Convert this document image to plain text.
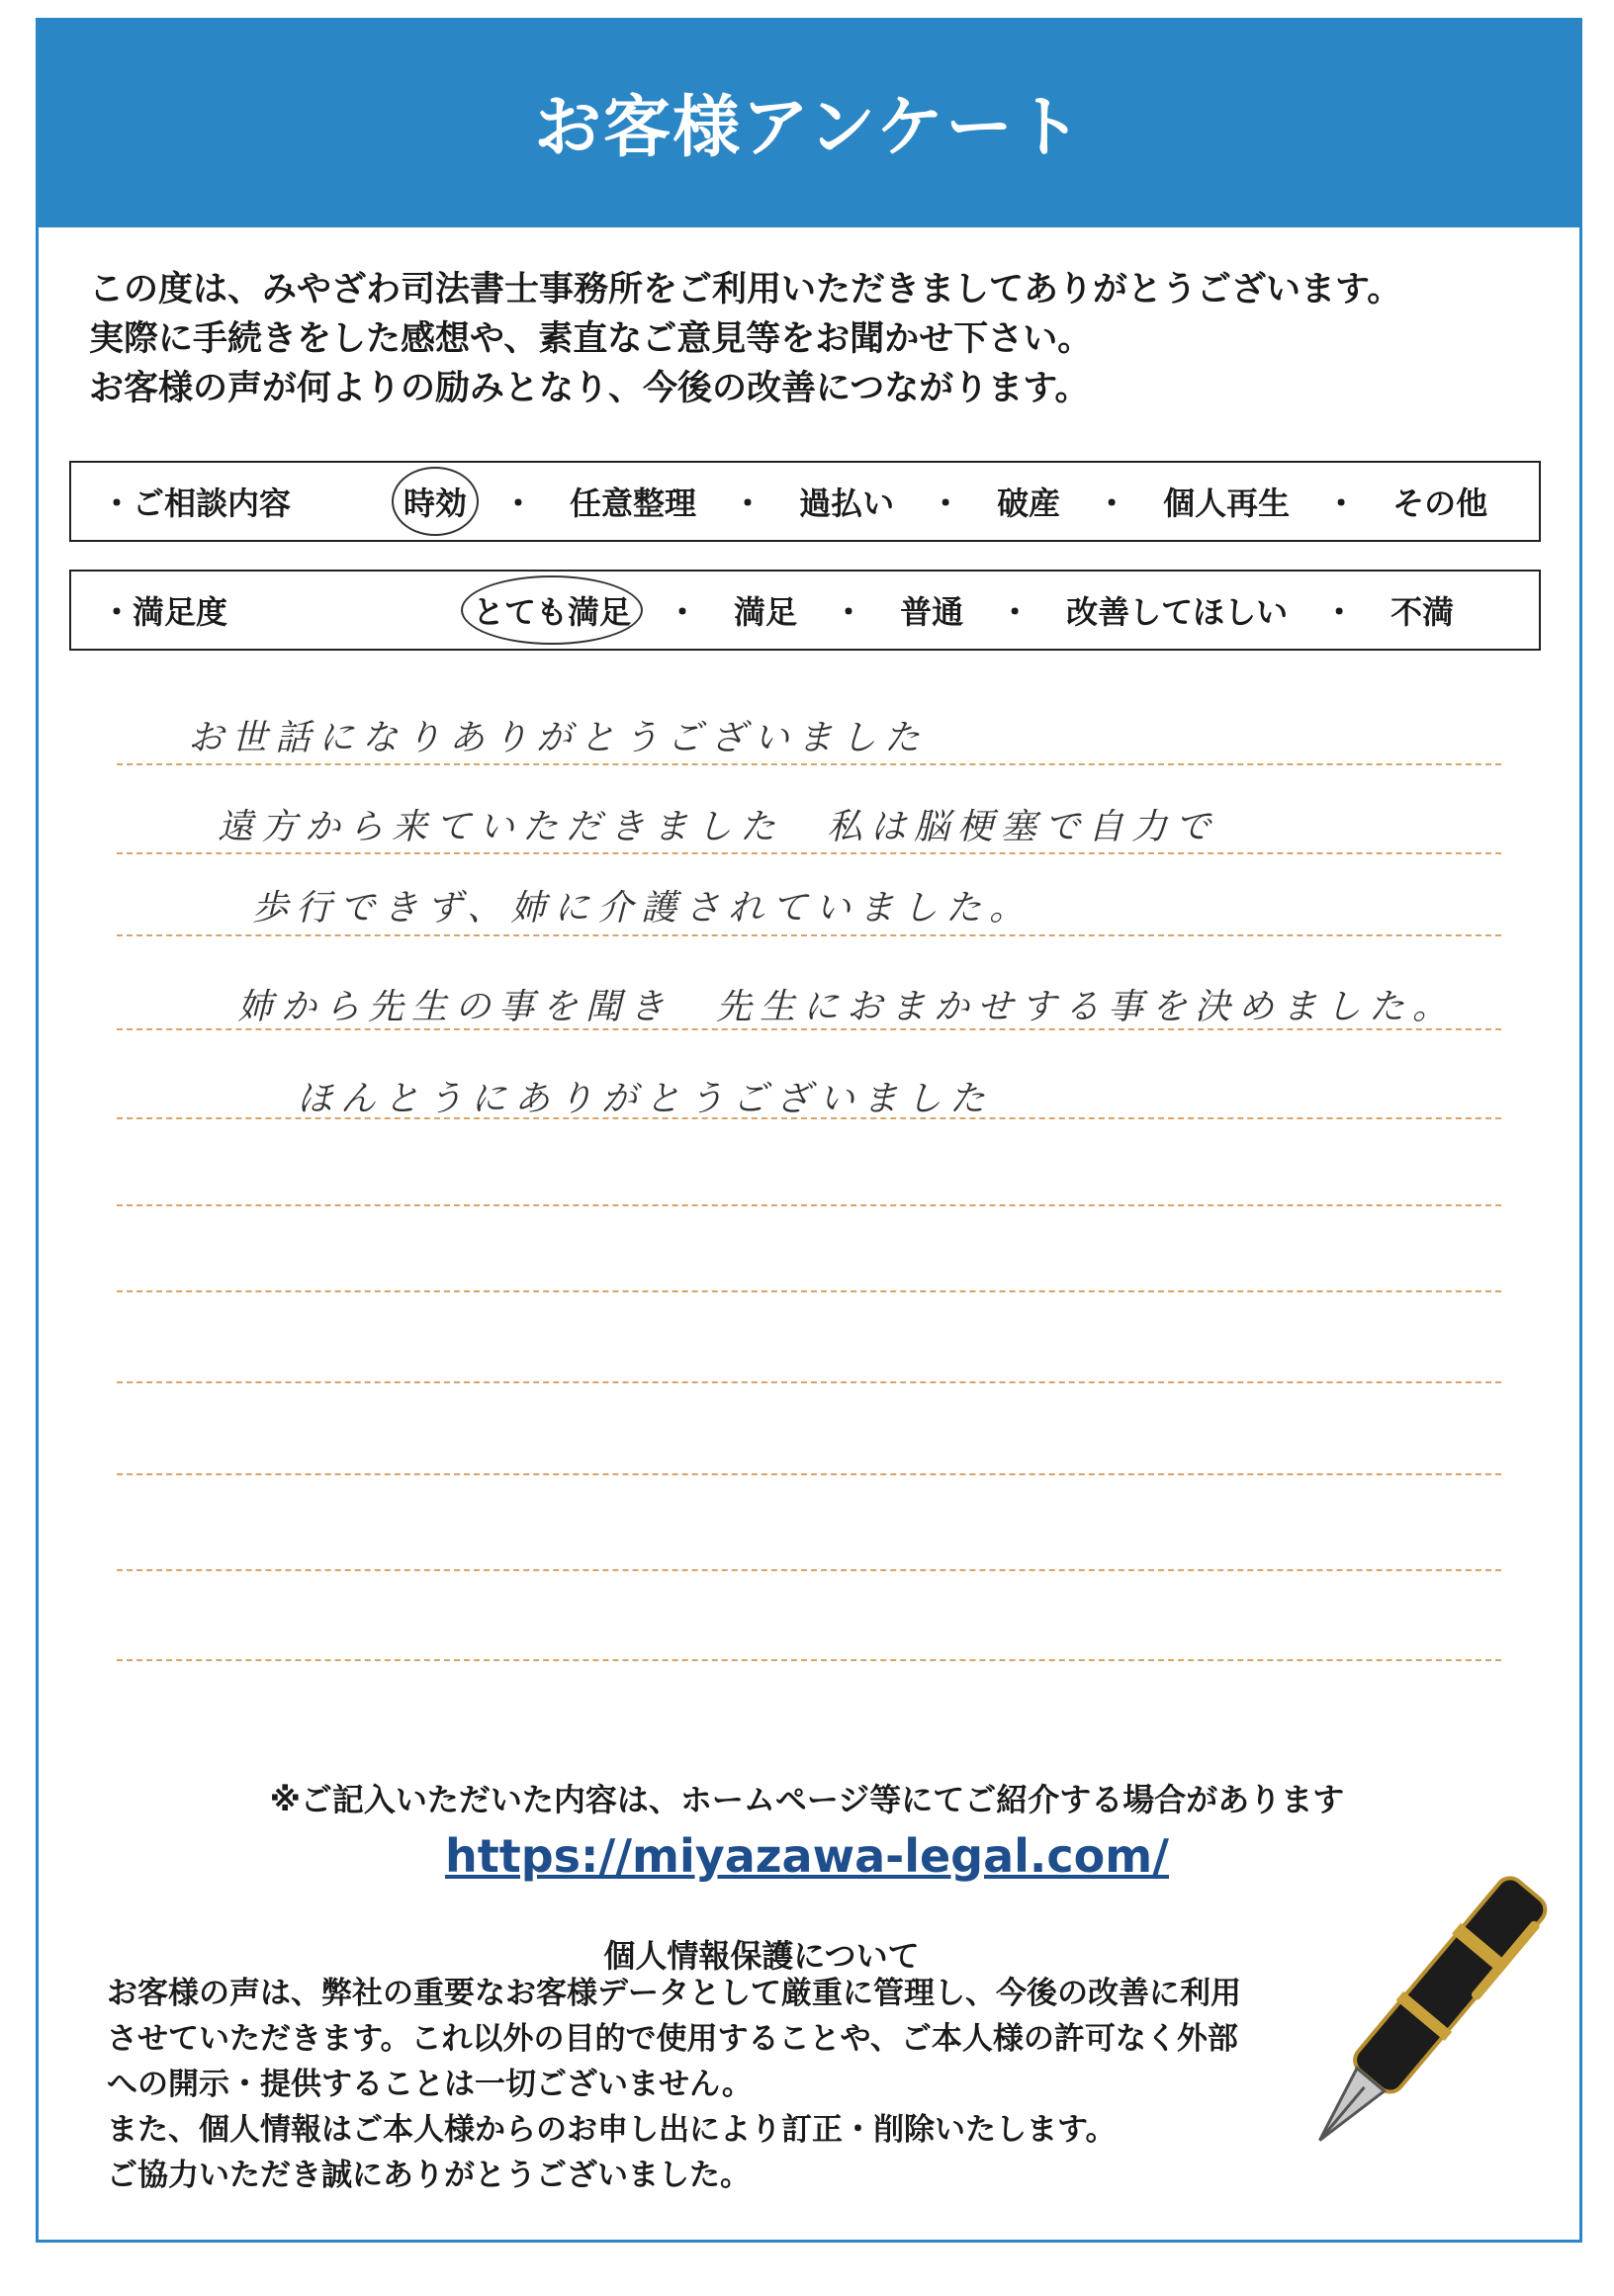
お客様アンケート
この度は、みやざわ司法書士事務所をご利用いただきましてありがとうございます。
実際に手続きをした感想や、素直なご意見等をお聞かせ下さい。
お客様の声が何よりの励みとなり、今後の改善につながります。
・ご相談内容	時効 ・ 任意整理 ・ 過払い ・ 破産 ・ 個人再生 ・ その他
・満足度	とても満足 ・ 満足 ・ 普通 ・ 改善してほしい ・ 不満
お世話になりありがとうございました
遠方から来ていただきました　私は脳梗塞で自力で
歩行できず、姉に介護されていました。
姉から先生の事を聞き　先生におまかせする事を決めました。
ほんとうにありがとうございました
※ご記入いただいた内容は、ホームページ等にてご紹介する場合があります
https://miyazawa-legal.com/
個人情報保護について
お客様の声は、弊社の重要なお客様データとして厳重に管理し、今後の改善に利用
させていただきます。これ以外の目的で使用することや、ご本人様の許可なく外部
への開示・提供することは一切ございません。
また、個人情報はご本人様からのお申し出により訂正・削除いたします。
ご協力いただき誠にありがとうございました。
